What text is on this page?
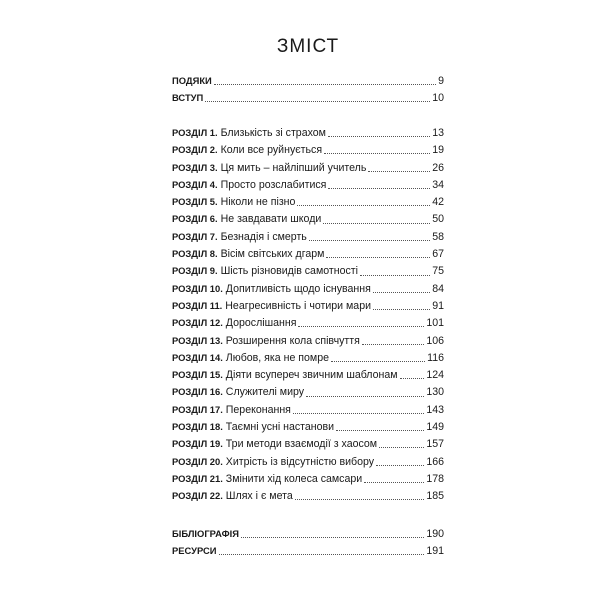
ЗМІСТ
ПОДЯКИ	9
ВСТУП	10
РОЗДІЛ 1. Близькість зі страхом	13
РОЗДІЛ 2. Коли все руйнується	19
РОЗДІЛ 3. Ця мить – найліпший учитель	26
РОЗДІЛ 4. Просто розслабитися	34
РОЗДІЛ 5. Ніколи не пізно	42
РОЗДІЛ 6. Не завдавати шкоди	50
РОЗДІЛ 7. Безнадія і смерть	58
РОЗДІЛ 8. Вісім світських дгарм	67
РОЗДІЛ 9. Шість різновидів самотності	75
РОЗДІЛ 10. Допитливість щодо існування	84
РОЗДІЛ 11. Неагресивність і чотири мари	91
РОЗДІЛ 12. Дорослішання	101
РОЗДІЛ 13. Розширення кола співчуття	106
РОЗДІЛ 14. Любов, яка не помре	116
РОЗДІЛ 15. Діяти всупереч звичним шаблонам	124
РОЗДІЛ 16. Служителі миру	130
РОЗДІЛ 17. Переконання	143
РОЗДІЛ 18. Таємні усні настанови	149
РОЗДІЛ 19. Три методи взаємодії з хаосом	157
РОЗДІЛ 20. Хитрість із відсутністю вибору	166
РОЗДІЛ 21. Змінити хід колеса самсари	178
РОЗДІЛ 22. Шлях і є мета	185
БІБЛІОГРАФІЯ	190
РЕСУРСИ	191
